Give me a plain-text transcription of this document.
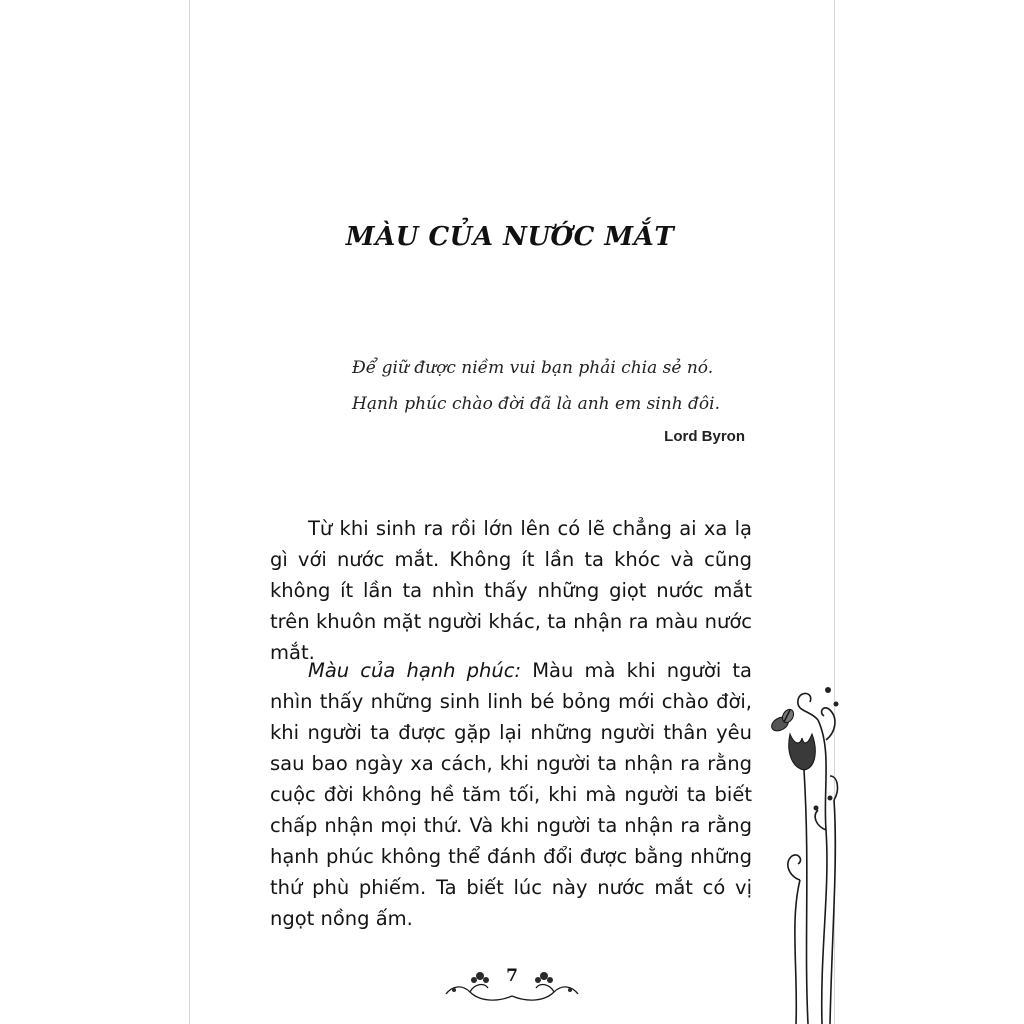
MÀU CỦA NƯỚC MẮT
Để giữ được niềm vui bạn phải chia sẻ nó. Hạnh phúc chào đời đã là anh em sinh đôi.
Lord Byron

Từ khi sinh ra rồi lớn lên có lẽ chẳng ai xa lạ gì với nước mắt. Không ít lần ta khóc và cũng không ít lần ta nhìn thấy những giọt nước mắt trên khuôn mặt người khác, ta nhận ra màu nước mắt.

Màu của hạnh phúc: Màu mà khi người ta nhìn thấy những sinh linh bé bỏng mới chào đời, khi người ta được gặp lại những người thân yêu sau bao ngày xa cách, khi người ta nhận ra rằng cuộc đời không hề tăm tối, khi mà người ta biết chấp nhận mọi thứ. Và khi người ta nhận ra rằng hạnh phúc không thể đánh đổi được bằng những thứ phù phiếm. Ta biết lúc này nước mắt có vị ngọt nồng ấm.

7
